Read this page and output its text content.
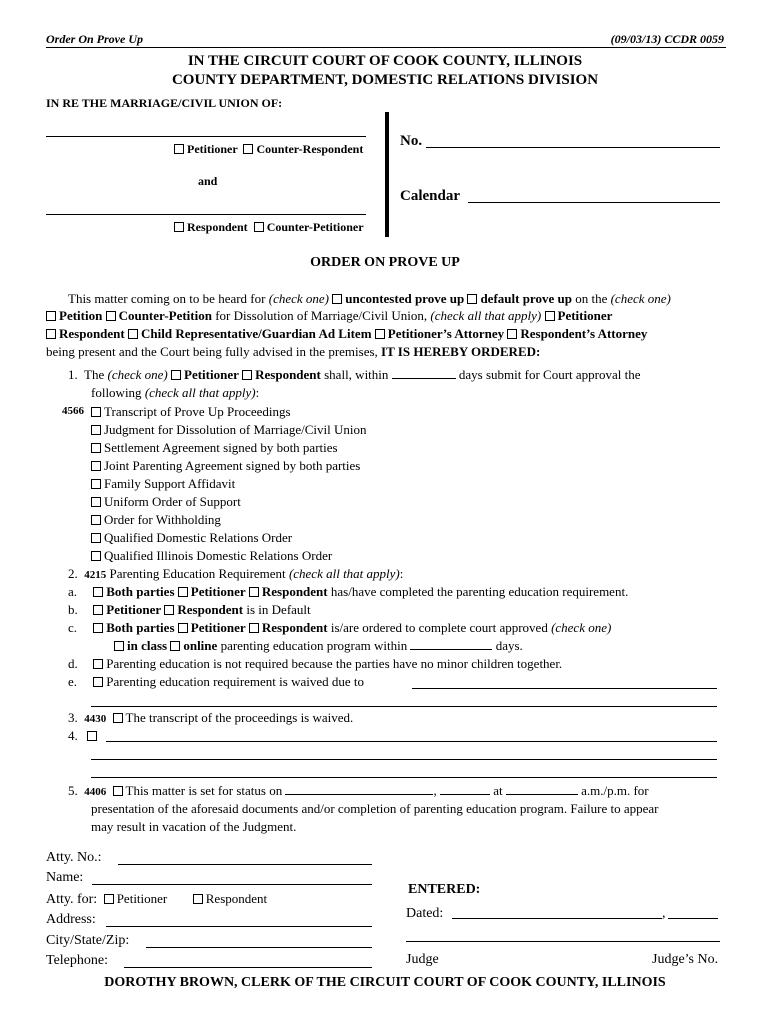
Order On Prove Up	(09/03/13) CCDR 0059
IN THE CIRCUIT COURT OF COOK COUNTY, ILLINOIS
COUNTY DEPARTMENT, DOMESTIC RELATIONS DIVISION
IN RE THE MARRIAGE/CIVIL UNION OF:
Petitioner Counter-Respondent
and
Respondent Counter-Petitioner
No.
Calendar
ORDER ON PROVE UP
This matter coming on to be heard for (check one) uncontested prove up default prove up on the (check one)
Petition Counter-Petition for Dissolution of Marriage/Civil Union, (check all that apply) Petitioner
Respondent Child Representative/Guardian Ad Litem Petitioner’s Attorney Respondent’s Attorney
being present and the Court being fully advised in the premises, IT IS HEREBY ORDERED:
1. The (check one) Petitioner Respondent shall, within	days submit for Court approval the
following (check all that apply):
4566	Transcript of Prove Up Proceedings
Judgment for Dissolution of Marriage/Civil Union
Settlement Agreement signed by both parties
Joint Parenting Agreement signed by both parties
Family Support Affidavit
Uniform Order of Support
Order for Withholding
Qualified Domestic Relations Order
Qualified Illinois Domestic Relations Order
2. 4215 Parenting Education Requirement (check all that apply):
a. Both parties Petitioner Respondent has/have completed the parenting education requirement.
b. Petitioner Respondent is in Default
c. Both parties Petitioner Respondent is/are ordered to complete court approved (check one)
in class online parenting education program within	days.
d. Parenting education is not required because the parties have no minor children together.
e. Parenting education requirement is waived due to
3. 4430 The transcript of the proceedings is waived.
4.
5. 4406 This matter is set for status on	,	at	a.m./p.m. for
presentation of the aforesaid documents and/or completion of parenting education program. Failure to appear
may result in vacation of the Judgment.
Atty. No.:
Name:
Atty. for: Petitioner	Respondent
Address:
City/State/Zip:
Telephone:
ENTERED:
Dated:	,
Judge	Judge’s No.
DOROTHY BROWN, CLERK OF THE CIRCUIT COURT OF COOK COUNTY, ILLINOIS
